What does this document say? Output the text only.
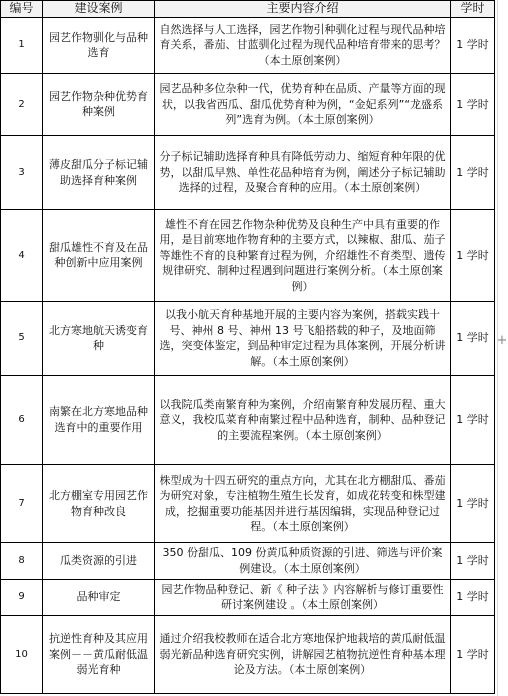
编号	建设案例	主要内容介绍	学时
1	园艺作物驯化与品种选育	自然选择与人工选择，园艺作物引种驯化过程与现代品种培育关系，番茄、甘蓝驯化过程为现代品种培育带来的思考？（本土原创案例）	1 学时
2	园艺作物杂种优势育种案例	园艺品种多位杂种一代，优势育种在品质、产量等方面的现状，以我省西瓜、甜瓜优势育种为例，“金妃系列”“龙盛系列”选育为例。（本土原创案例）	1 学时
3	薄皮甜瓜分子标记辅助选择育种案例	分子标记辅助选择育种具有降低劳动力、缩短育种年限的优势，以甜瓜早熟、单性花品种培育为例，阐述分子标记辅助选择的过程，及聚合育种的应用。（本土原创案例）	1 学时
4	甜瓜雄性不育及在品种创新中应用案例	雄性不育在园艺作物杂种优势及良种生产中具有重要的作用，是目前寒地作物育种的主要方式，以辣椒、甜瓜、茄子等雄性不育的良种繁育过程为例，介绍雄性不育类型、遗传规律研究、制种过程遇到问题进行案例分析。（本土原创案例）	1 学时
5	北方寒地航天诱变育种	以我小航天育种基地开展的主要内容为案例，搭载实践十号、神州 8 号、神州 13 号飞船搭载的种子，及地面筛选，突变体鉴定，到品种审定过程为具体案例，开展分析讲解。（本土原创案例）	1 学时
6	南繁在北方寒地品种选育中的重要作用	以我院瓜类南繁育种为案例，介绍南繁育种发展历程、重大意义，我校瓜菜育种南繁过程中品种选育，制种、品种登记的主要流程案例。（本土原创案例）	1 学时
7	北方棚室专用园艺作物育种改良	株型成为十四五研究的重点方向，尤其在北方棚甜瓜、番茄为研究对象，专注植物生殖生长发育，如成花转变和株型建成，挖掘重要功能基因并进行基因编辑，实现品种登记过程。（本土原创案例）	1 学时
8	瓜类资源的引进	350 份甜瓜、109 份黄瓜种质资源的引进、筛选与评价案例建设。（本土原创案例）	1 学时
9	品种审定	园艺作物品种登记、新《 种子法 》内容解析与修订重要性研讨案例建设 。（本土原创案例）	1 学时
10	抗逆性育种及其应用案例－－黄瓜耐低温弱光育种	通过介绍我校教师在适合北方寒地保护地栽培的黄瓜耐低温弱光新品种选育研究实例，讲解园艺植物抗逆性育种基本理论及方法。（本土原创案例）	1 学时
+
